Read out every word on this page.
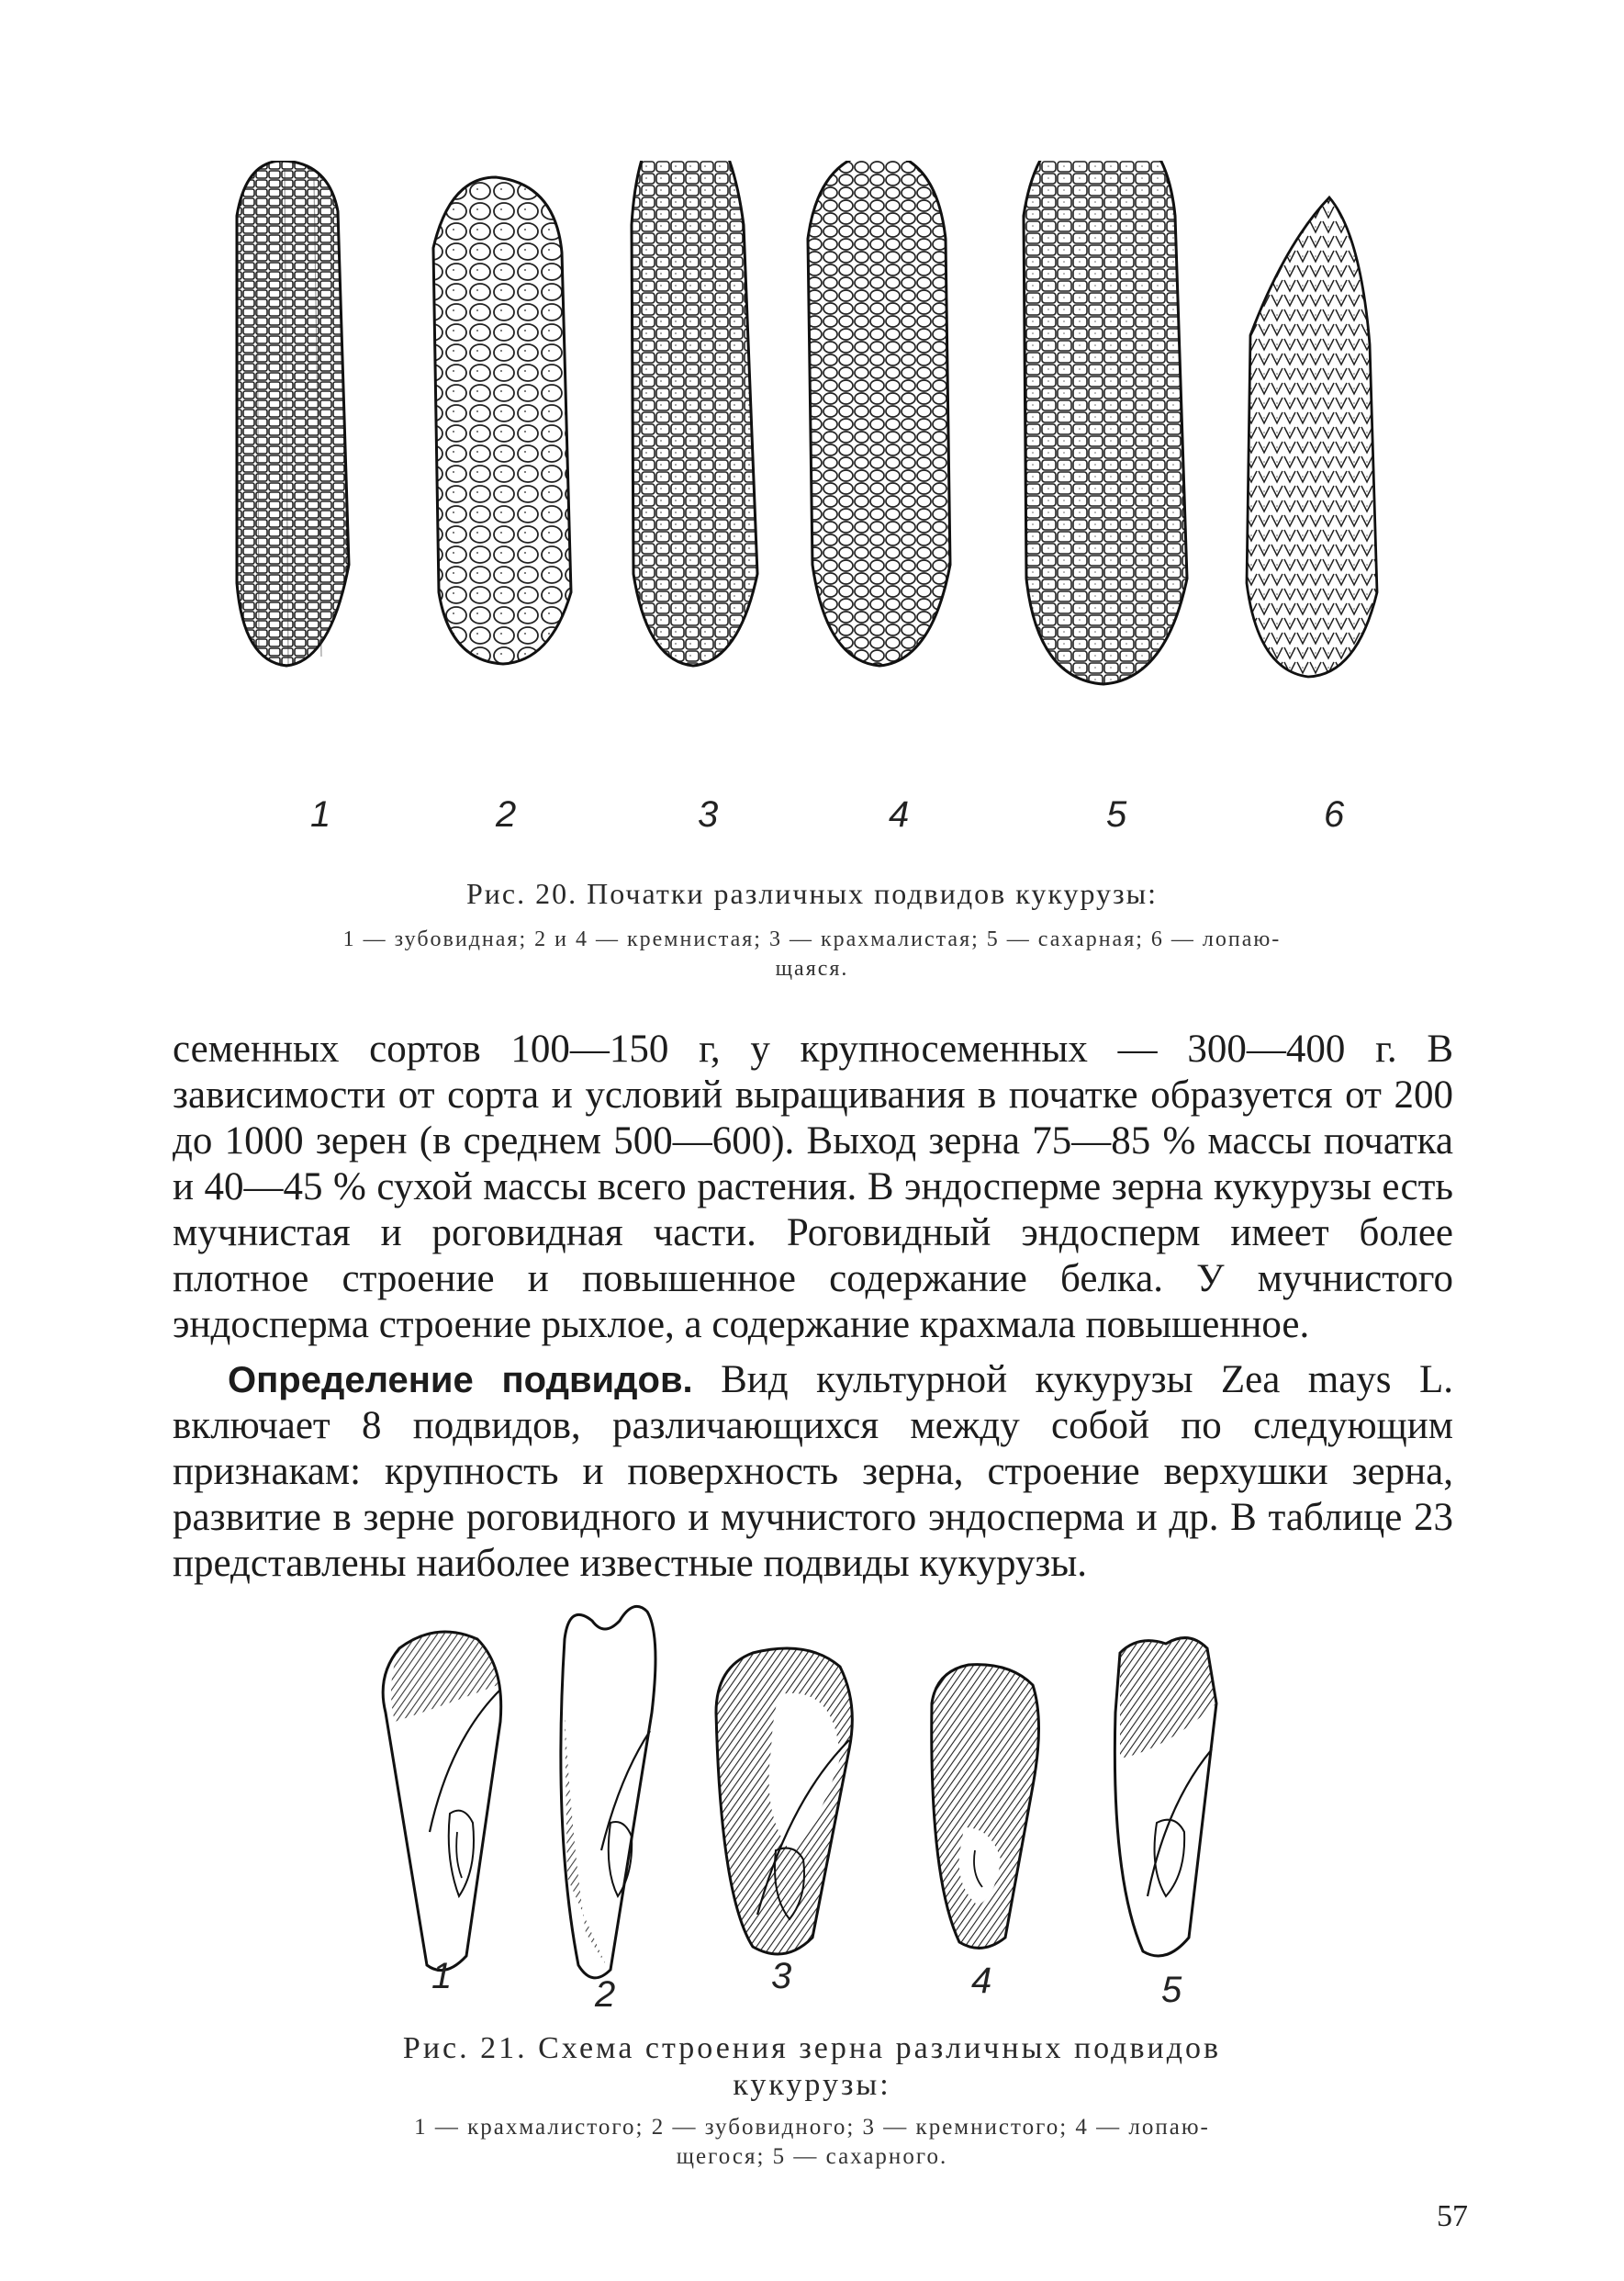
1	2	3	4	5	6
Рис. 20. Початки различных подвидов кукурузы:
1 — зубовидная; 2 и 4 — кремнистая; 3 — крахмалистая; 5 — сахарная; 6 — лопаю-
щаяся.

семенных сортов 100—150 г, у крупносеменных — 300—400 г. В зависимости от сорта и условий выращивания в початке образуется от 200 до 1000 зерен (в среднем 500—600). Выход зерна 75—85 % массы початка и 40—45 % сухой массы всего растения. В эндосперме зерна кукурузы есть мучнистая и роговидная части. Роговидный эндосперм имеет более плотное строение и повышенное содержание белка. У мучнистого эндосперма строение рыхлое, а содержание крахмала повышенное.

Определение подвидов. Вид культурной кукурузы Zea mays L. включает 8 подвидов, различающихся между собой по следующим признакам: крупность и поверхность зерна, строение верхушки зерна, развитие в зерне роговидного и мучнистого эндосперма и др. В таблице 23 представлены наиболее известные подвиды кукурузы.

1	2	3	4	5
Рис. 21. Схема строения зерна различных подвидов
кукурузы:
1 — крахмалистого; 2 — зубовидного; 3 — кремнистого; 4 — лопаю-
щегося; 5 — сахарного.
57
